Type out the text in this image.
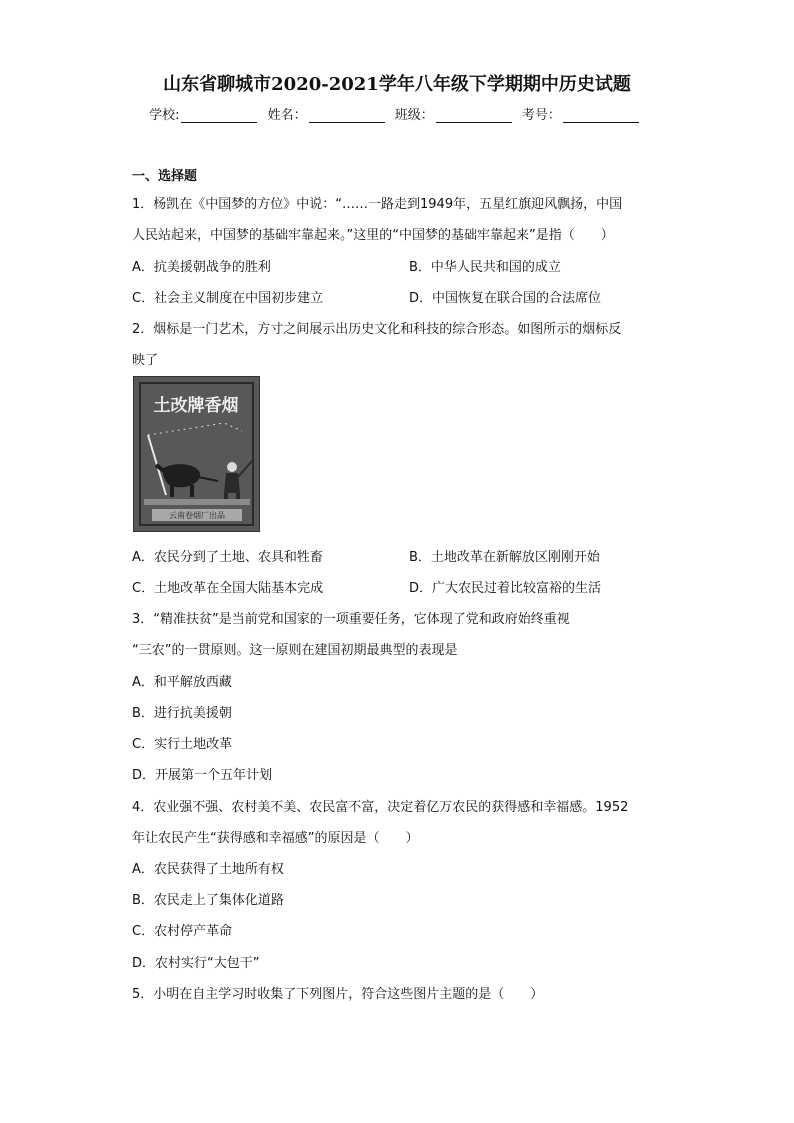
山东省聊城市2020-2021学年八年级下学期期中历史试题
学校:	姓名：	班级：	考号：
一、选择题
1．杨凯在《中国梦的方位》中说：“……一路走到1949年，五星红旗迎风飘扬，中国
人民站起来，中国梦的基础牢靠起来。”这里的“中国梦的基础牢靠起来”是指（　　）
A．抗美援朝战争的胜利	B．中华人民共和国的成立
C．社会主义制度在中国初步建立	D．中国恢复在联合国的合法席位
2．烟标是一门艺术，方寸之间展示出历史文化和科技的综合形态。如图所示的烟标反
映了
土改牌香烟
云南卷烟厂出品
A．农民分到了土地、农具和牲畜	B．土地改革在新解放区刚刚开始
C．土地改革在全国大陆基本完成	D．广大农民过着比较富裕的生活
3．“精准扶贫”是当前党和国家的一项重要任务，它体现了党和政府始终重视
“三农”的一贯原则。这一原则在建国初期最典型的表现是
A．和平解放西藏
B．进行抗美援朝
C．实行土地改革
D．开展第一个五年计划
4．农业强不强、农村美不美、农民富不富，决定着亿万农民的获得感和幸福感。1952
年让农民产生“获得感和幸福感”的原因是（　　）
A．农民获得了土地所有权
B．农民走上了集体化道路
C．农村停产革命
D．农村实行“大包干”
5．小明在自主学习时收集了下列图片，符合这些图片主题的是（　　）
